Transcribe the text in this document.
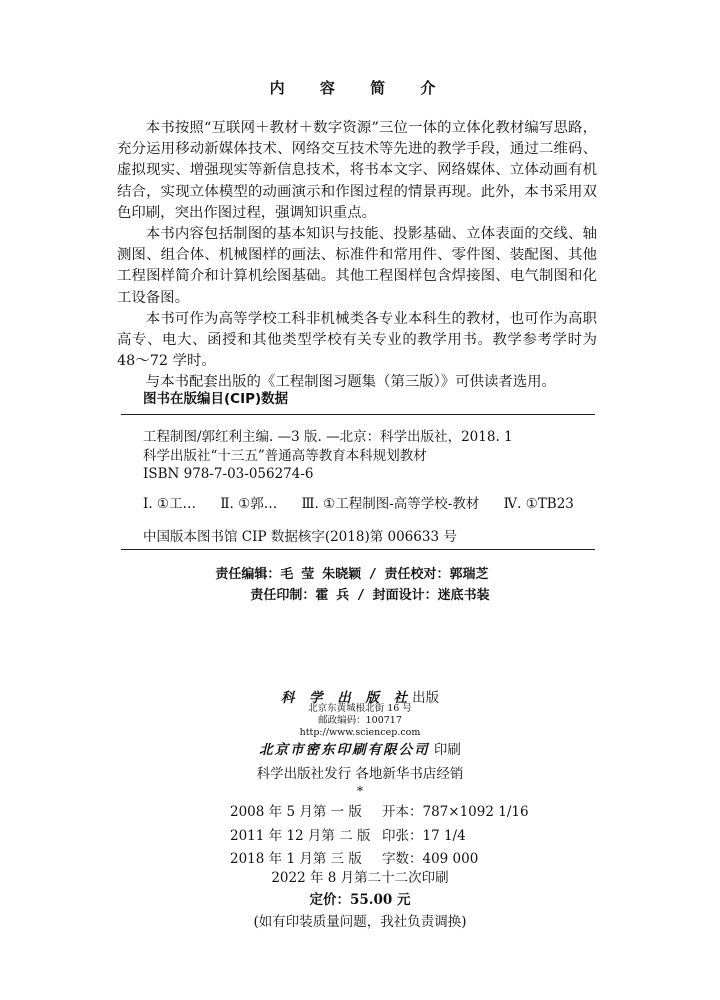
内 容 简 介

本书按照“互联网＋教材＋数字资源”三位一体的立体化教材编写思路，充分运用移动新媒体技术、网络交互技术等先进的教学手段，通过二维码、虚拟现实、增强现实等新信息技术，将书本文字、网络媒体、立体动画有机结合，实现立体模型的动画演示和作图过程的情景再现。此外，本书采用双色印刷，突出作图过程，强调知识重点。

本书内容包括制图的基本知识与技能、投影基础、立体表面的交线、轴测图、组合体、机械图样的画法、标准件和常用件、零件图、装配图、其他工程图样简介和计算机绘图基础。其他工程图样包含焊接图、电气制图和化工设备图。

本书可作为高等学校工科非机械类各专业本科生的教材，也可作为高职高专、电大、函授和其他类型学校有关专业的教学用书。教学参考学时为 48～72 学时。

与本书配套出版的《工程制图习题集（第三版）》可供读者选用。

图书在版编目(CIP)数据
工程制图/郭红利主编. —3 版. —北京：科学出版社，2018. 1
科学出版社“十三五”普通高等教育本科规划教材
ISBN 978-7-03-056274-6
Ⅰ. ①工… Ⅱ. ①郭… Ⅲ. ①工程制图-高等学校-教材 Ⅳ. ①TB23
中国版本图书馆 CIP 数据核字(2018)第 006633 号
责任编辑：毛 莹 朱晓颖 / 责任校对：郭瑞芝
责任印制：霍 兵 / 封面设计：迷底书装
科 学 出 版 社出版
北京东黄城根北街 16 号
邮政编码：100717
http://www.sciencep.com
北京市密东印刷有限公司 印刷
科学出版社发行 各地新华书店经销
*
2008 年 5 月第 一 版 开本：787×1092 1/16
2011 年 12 月第 二 版 印张：17 1/4
2018 年 1 月第 三 版 字数：409 000
2022 年 8 月第二十二次印刷
定价：55.00 元
(如有印装质量问题，我社负责调换)
